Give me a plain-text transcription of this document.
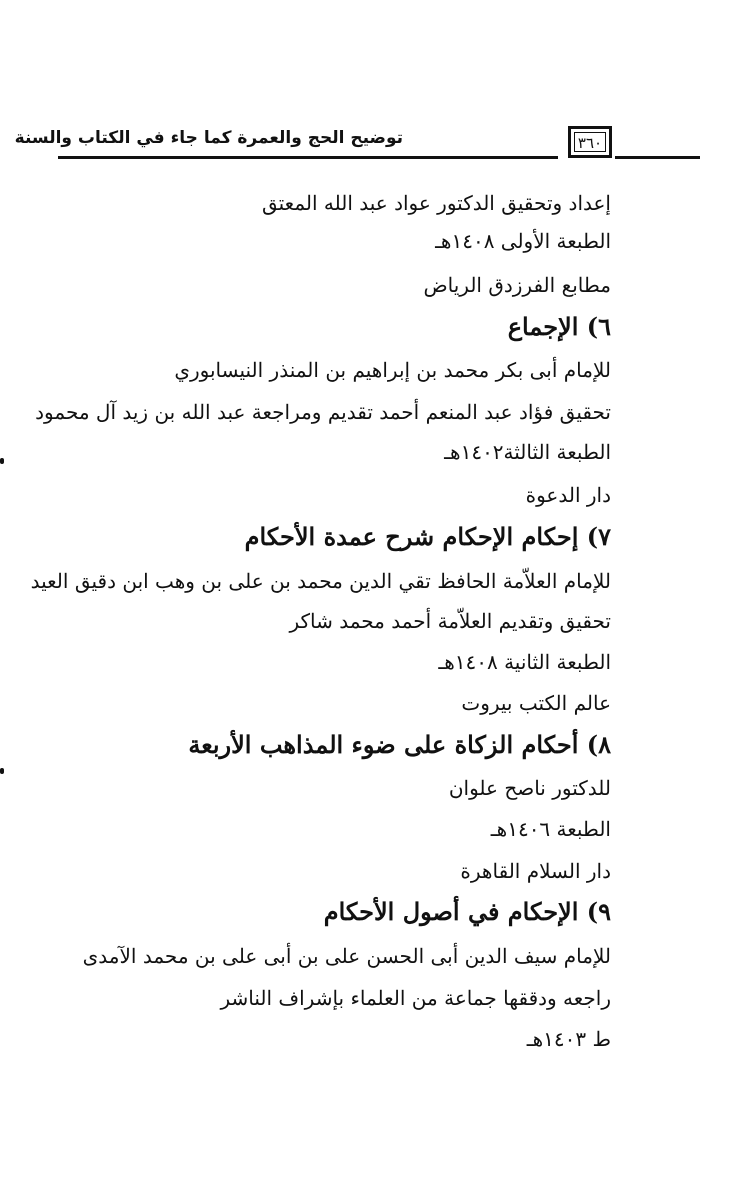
توضيح الحج والعمرة كما جاء في الكتاب والسنة	٣٦٠
إعداد وتحقيق الدكتور عواد عبد الله المعتق
الطبعة الأولى ١٤٠٨هـ
مطابع الفرزدق الرياض
٦) الإجماع
للإمام أبى بكر محمد بن إبراهيم بن المنذر النيسابوري
تحقيق فؤاد عبد المنعم أحمد تقديم ومراجعة عبد الله بن زيد آل محمود
الطبعة الثالثة١٤٠٢هـ
دار الدعوة
٧) إحكام الإحكام شرح عمدة الأحكام
للإمام العلاّمة الحافظ تقي الدين محمد بن على بن وهب ابن دقيق العيد
تحقيق وتقديم العلاّمة أحمد محمد شاكر
الطبعة الثانية ١٤٠٨هـ
عالم الكتب بيروت
٨) أحكام الزكاة على ضوء المذاهب الأربعة
للدكتور ناصح علوان
الطبعة ١٤٠٦هـ
دار السلام القاهرة
٩) الإحكام في أصول الأحكام
للإمام سيف الدين أبى الحسن على بن أبى على بن محمد الآمدى
راجعه ودققها جماعة من العلماء بإشراف الناشر
ط ١٤٠٣هـ
